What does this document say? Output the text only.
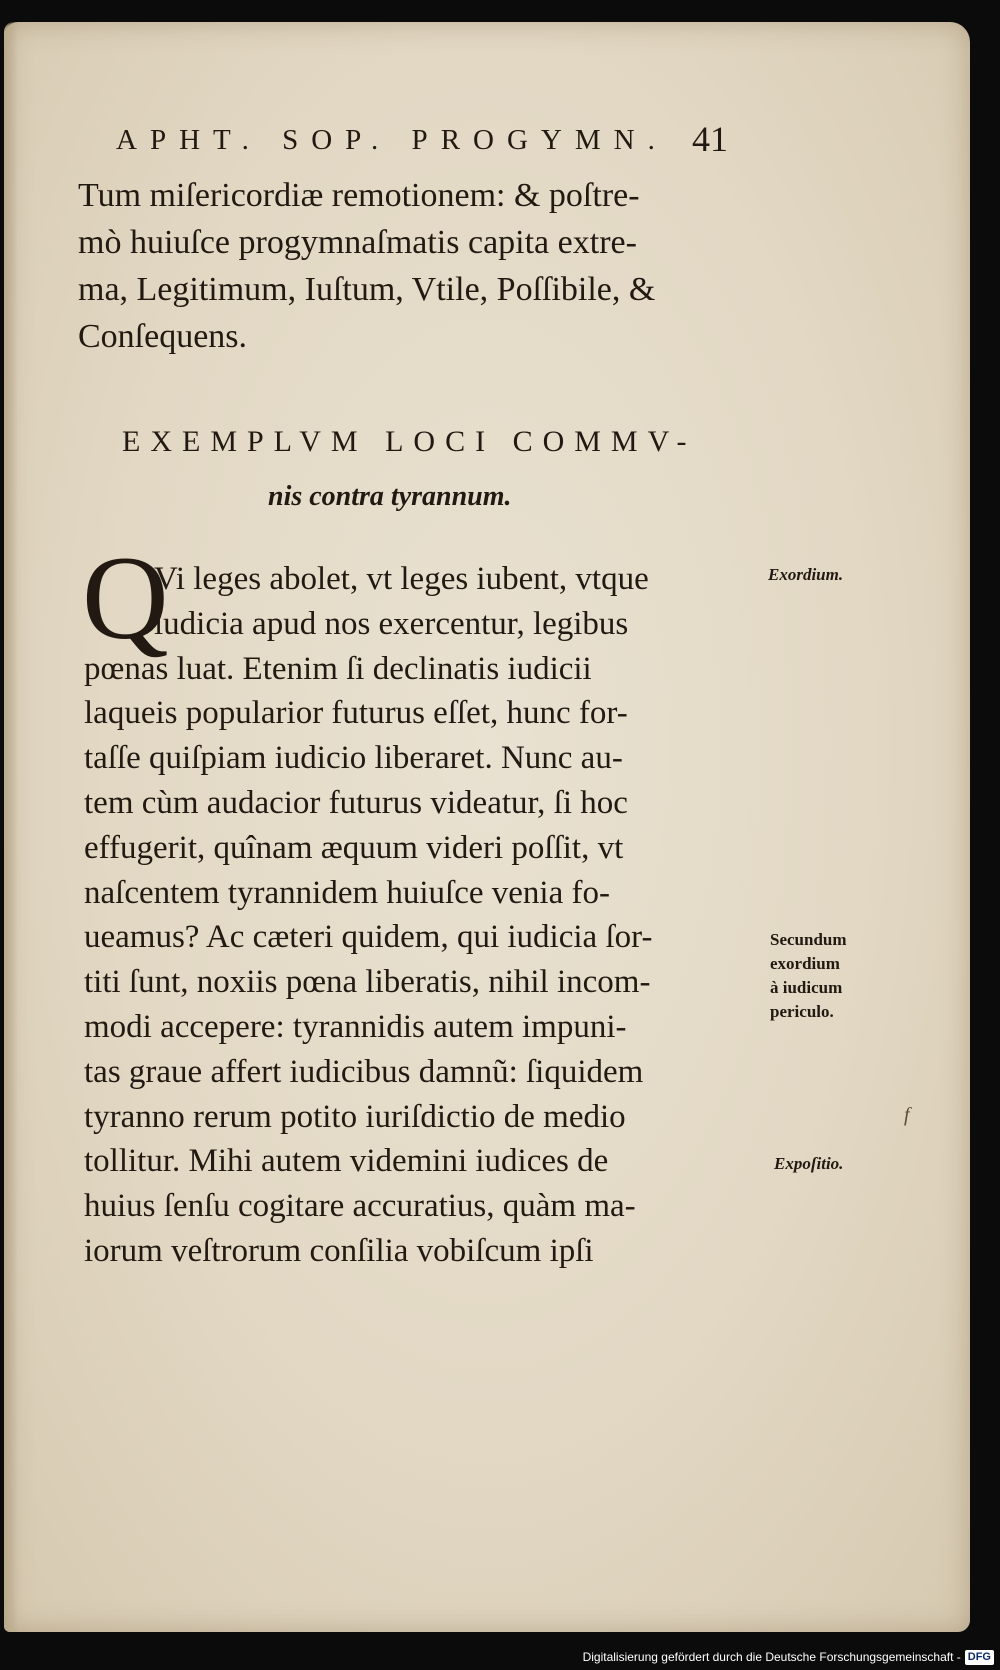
APHT. SOP. PROGYMN. 41
Tum miſericordiæ remotionem: & poſtre-
mò huiuſce progymnaſmatis capita extre-
ma, Legitimum, Iuſtum, Vtile, Poſſibile, &
Conſequens.
EXEMPLVM LOCI COMMV-
nis contra tyrannum.
Q
Vi leges abolet, vt leges iubent, vtque
iudicia apud nos exercentur, legibus
pœnas luat. Etenim ſi declinatis iudicii
laqueis popularior futurus eſſet, hunc for-
taſſe quiſpiam iudicio liberaret. Nunc au-
tem cùm audacior futurus videatur, ſi hoc
effugerit, quînam æquum videri poſſit, vt
naſcentem tyrannidem huiuſce venia fo-
ueamus? Ac cæteri quidem, qui iudicia ſor-
titi ſunt, noxiis pœna liberatis, nihil incom-
modi accepere: tyrannidis autem impuni-
tas graue affert iudicibus damnũ: ſiquidem
tyranno rerum potito iuriſdictio de medio
tollitur. Mihi autem videmini iudices de
huius ſenſu cogitare accuratius, quàm ma-
iorum veſtrorum conſilia vobiſcum ipſi
Exordium.
Secundum
exordium
à iudicum
periculo.
Expoſitio.
f
Digitalisierung gefördert durch die Deutsche Forschungsgemeinschaft - DFG
